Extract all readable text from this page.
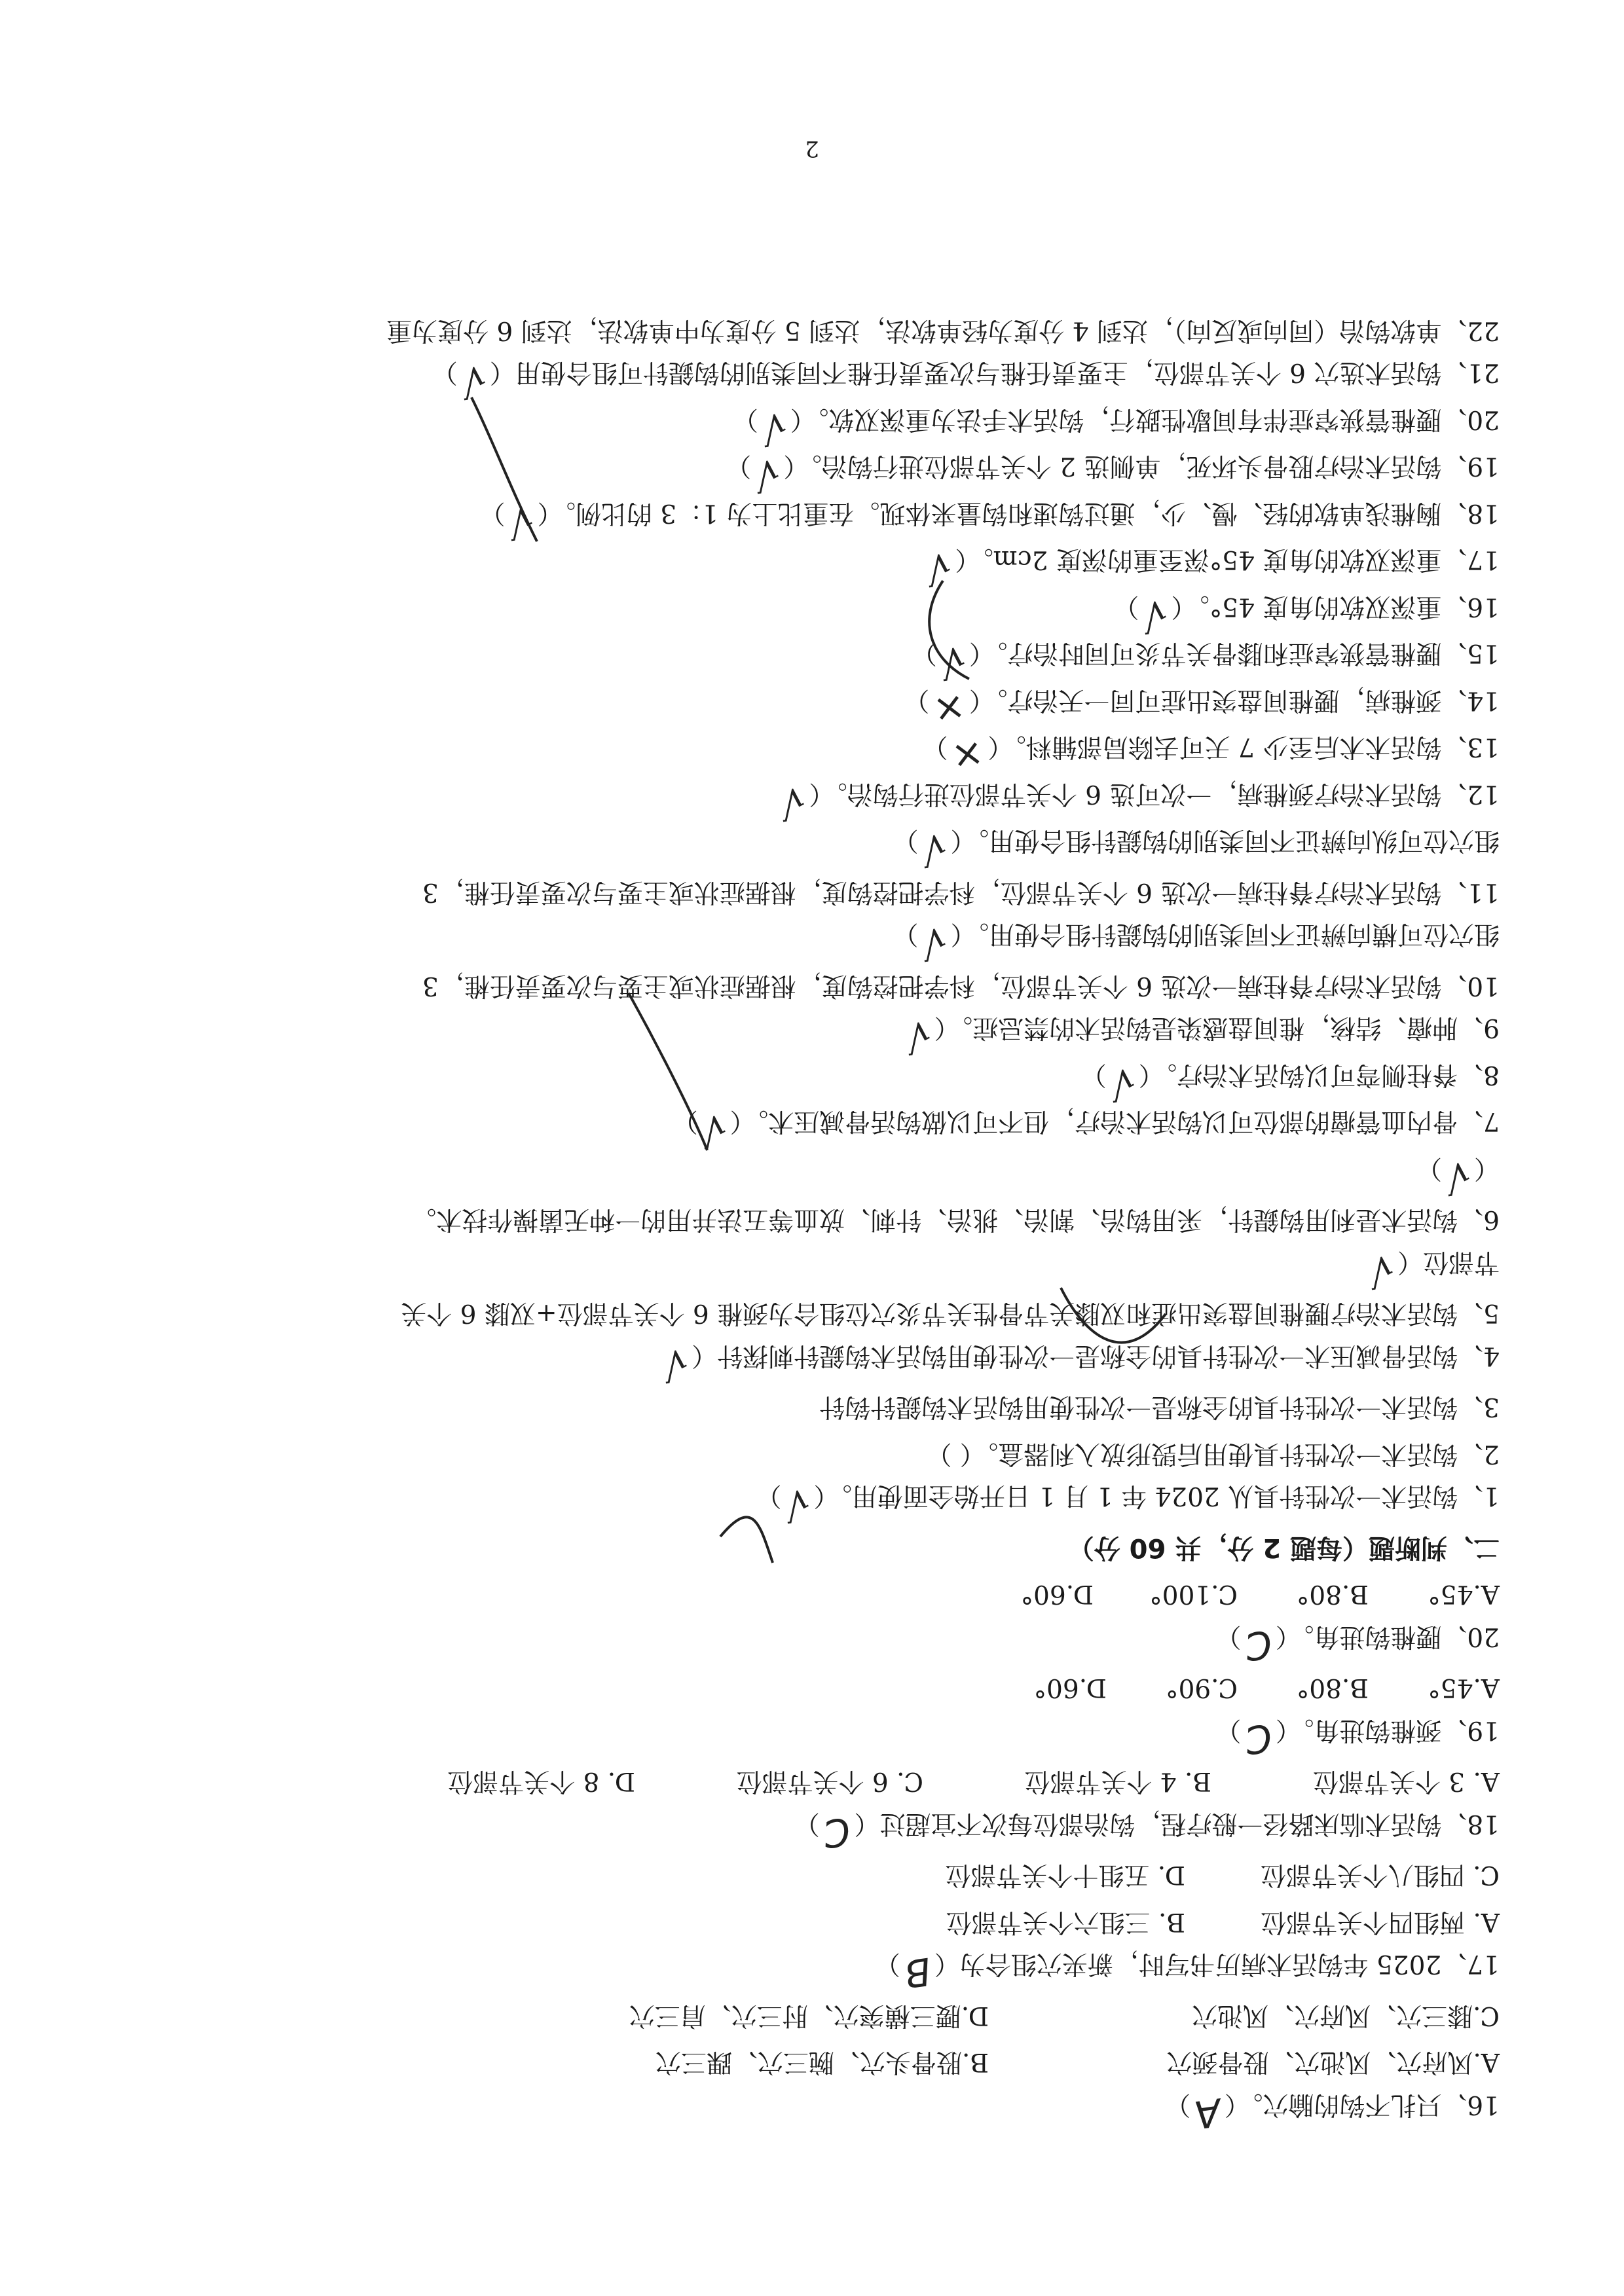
2
16、只扎不钩的腧穴。（A）
A.风府穴、风池穴、股骨颈穴B.股骨头穴、腕三穴、踝三穴
C.膝三穴、风府穴、风池穴D.腰三横突穴、肘三穴、肩三穴
17、2025 年钩活术病历书写时，新夹穴组合为（B）
A. 两组四个关节部位B. 三组六个关节部位
C. 四组八个关节部位D. 五组十个关节部位
18、钩活术临床路径一般疗程，钩治部位每次不宜超过（C）
A. 3 个关节部位B. 4 个关节部位C. 6 个关节部位D. 8 个关节部位
19、颈椎钩进角。（C）
A.45°B.80°C.90°D.60°
20、腰椎钩进角。（C）
A.45°B.80°C.100°D.60°
二、判断题（每题 2 分，共 60 分）
1、钩活术一次性针具从 2024 年 1 月 1 日开始全面使用。（√）
2、钩活术一次性针具使用后毁形放入利器盒。（）
3、钩活术一次性针具的全称是一次性使用钩活术钩鍉针钩针
4、钩活骨减压术一次性针具的全称是一次性使用钩活术钩鍉针刺探针（√
5、钩活术治疗腰椎间盘突出症和双膝关节骨性关节炎穴位组合为颈椎 6 个关节部位+双膝 6 个关
节部位（√
6、钩活术是利用钩鍉针，采用钩治、割治、挑治、针刺、放血等五法并用的一种无菌操作技术。
（√）
7、骨内血管瘤的部位可以钩活术治疗，但不可以做钩活骨减压术。（√）
8、脊柱侧弯可以钩活术治疗。（√）
9、肿瘤、结核，椎间盘感染是钩活术的禁忌症。（√
10、钩活术治疗脊柱病一次选 6 个关节部位，科学把控钩度，根据症状或主要与次要责任椎，3
组穴位可横向辨证不同类别的钩鍉针组合使用。（√）
11、钩活术治疗脊柱病一次选 6 个关节部位，科学把控钩度，根据症状或主要与次要责任椎，3
组穴位可纵向辨证不同类别的钩鍉针组合使用。（√）
12、钩活术治疗颈椎病，一次可选 6 个关节部位进行钩治。（√
13、钩活术术后至少 7 天可去除局部辅料。（×）
14、颈椎病，腰椎间盘突出症可同一天治疗。（×）
15、腰椎管狭窄症和膝骨关节炎可同时治疗。（√）
16、重深双软的角度 45°。（√）
17、重深双软的角度 45°深至重的深度 2cm。（√
18、胸椎浅单软的轻、慢、少，通过钩速和钩量来体现。在重比上为 1：3 的比例。（√）
19、钩活术治疗股骨头坏死，单侧选 2 个关节部位进行钩治。（√）
20、腰椎管狭窄症伴有间歇性跛行，钩活术手法为重深双软。（√）
21、钩活术选穴 6 个关节部位，主要责任椎与次要责任椎不同类别的钩鍉针可组合使用（√）
22、单软钩治（同向或反向），达到 4 分度为轻单软法，达到 5 分度为中单软法，达到 6 分度为重
